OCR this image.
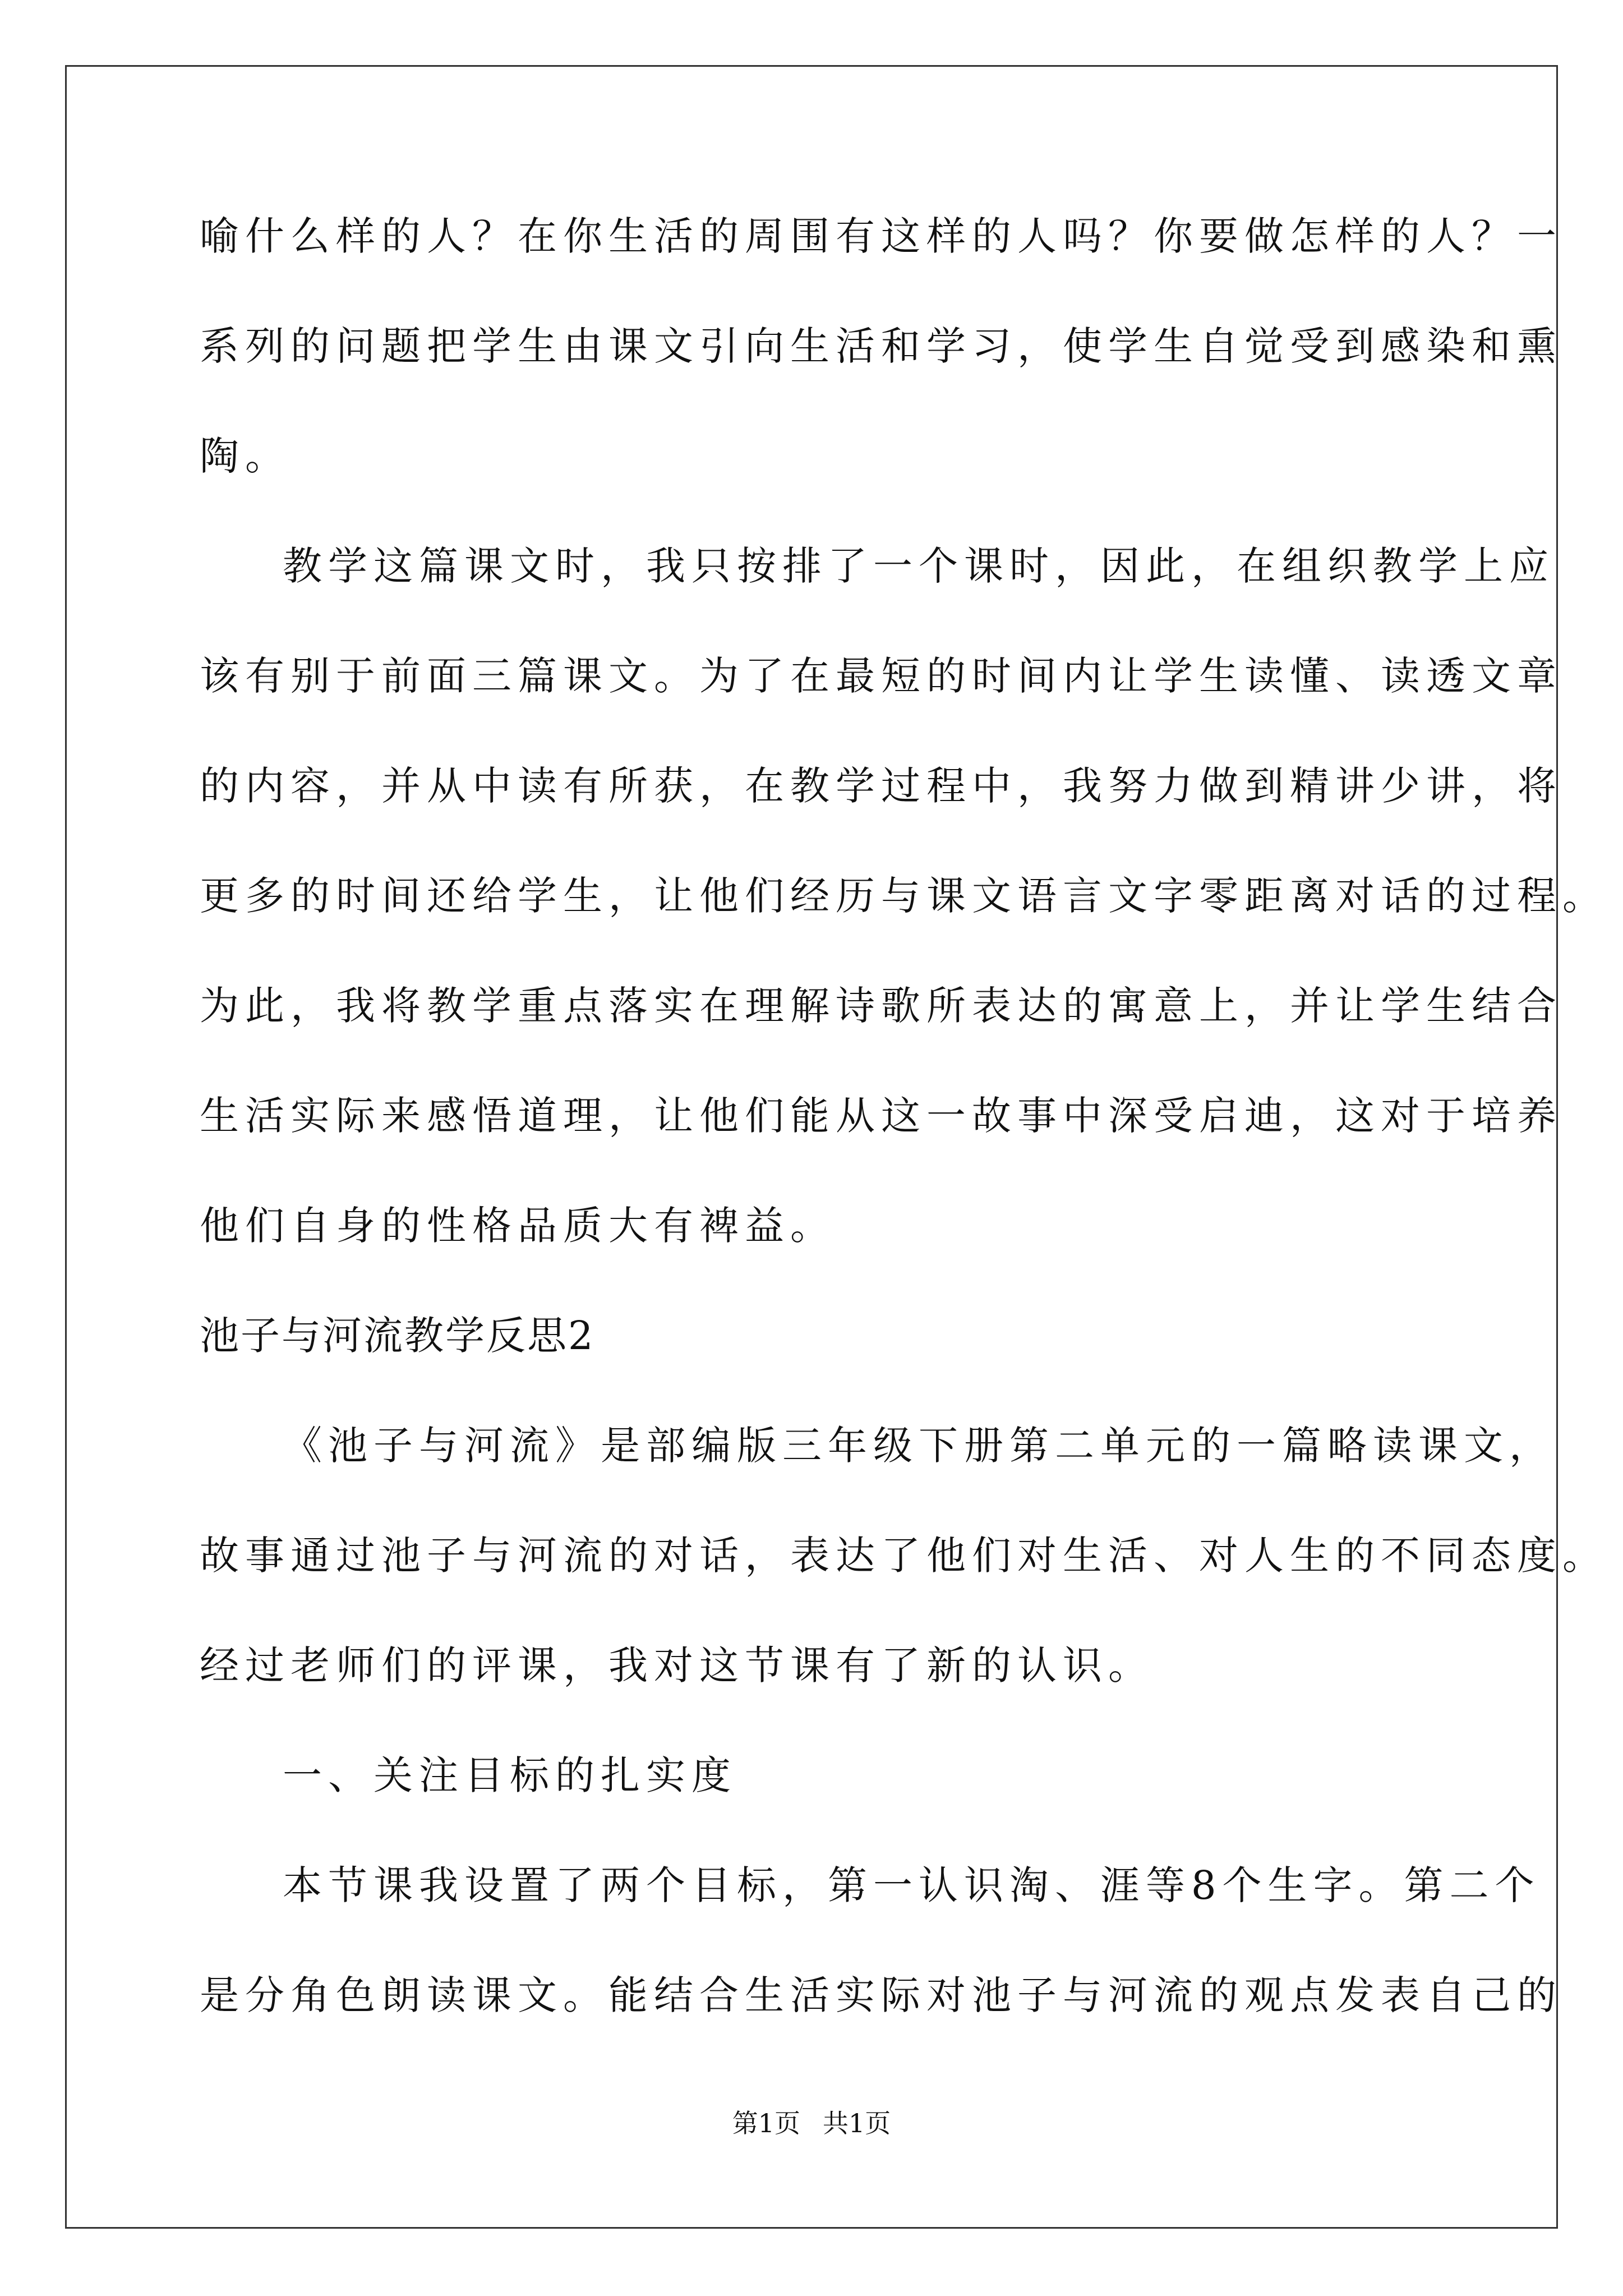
喻什么样的人？在你生活的周围有这样的人吗？你要做怎样的人？一
系列的问题把学生由课文引向生活和学习，使学生自觉受到感染和熏
陶。
教学这篇课文时，我只按排了一个课时，因此，在组织教学上应
该有别于前面三篇课文。为了在最短的时间内让学生读懂、读透文章
的内容，并从中读有所获，在教学过程中，我努力做到精讲少讲，将
更多的时间还给学生，让他们经历与课文语言文字零距离对话的过程。
为此，我将教学重点落实在理解诗歌所表达的寓意上，并让学生结合
生活实际来感悟道理，让他们能从这一故事中深受启迪，这对于培养
他们自身的性格品质大有裨益。
池子与河流教学反思2
《池子与河流》是部编版三年级下册第二单元的一篇略读课文，
故事通过池子与河流的对话，表达了他们对生活、对人生的不同态度。
经过老师们的评课，我对这节课有了新的认识。
一、关注目标的扎实度
本节课我设置了两个目标，第一认识淘、涯等8个生字。第二个
是分角色朗读课文。能结合生活实际对池子与河流的观点发表自己的
第1页 共1页
